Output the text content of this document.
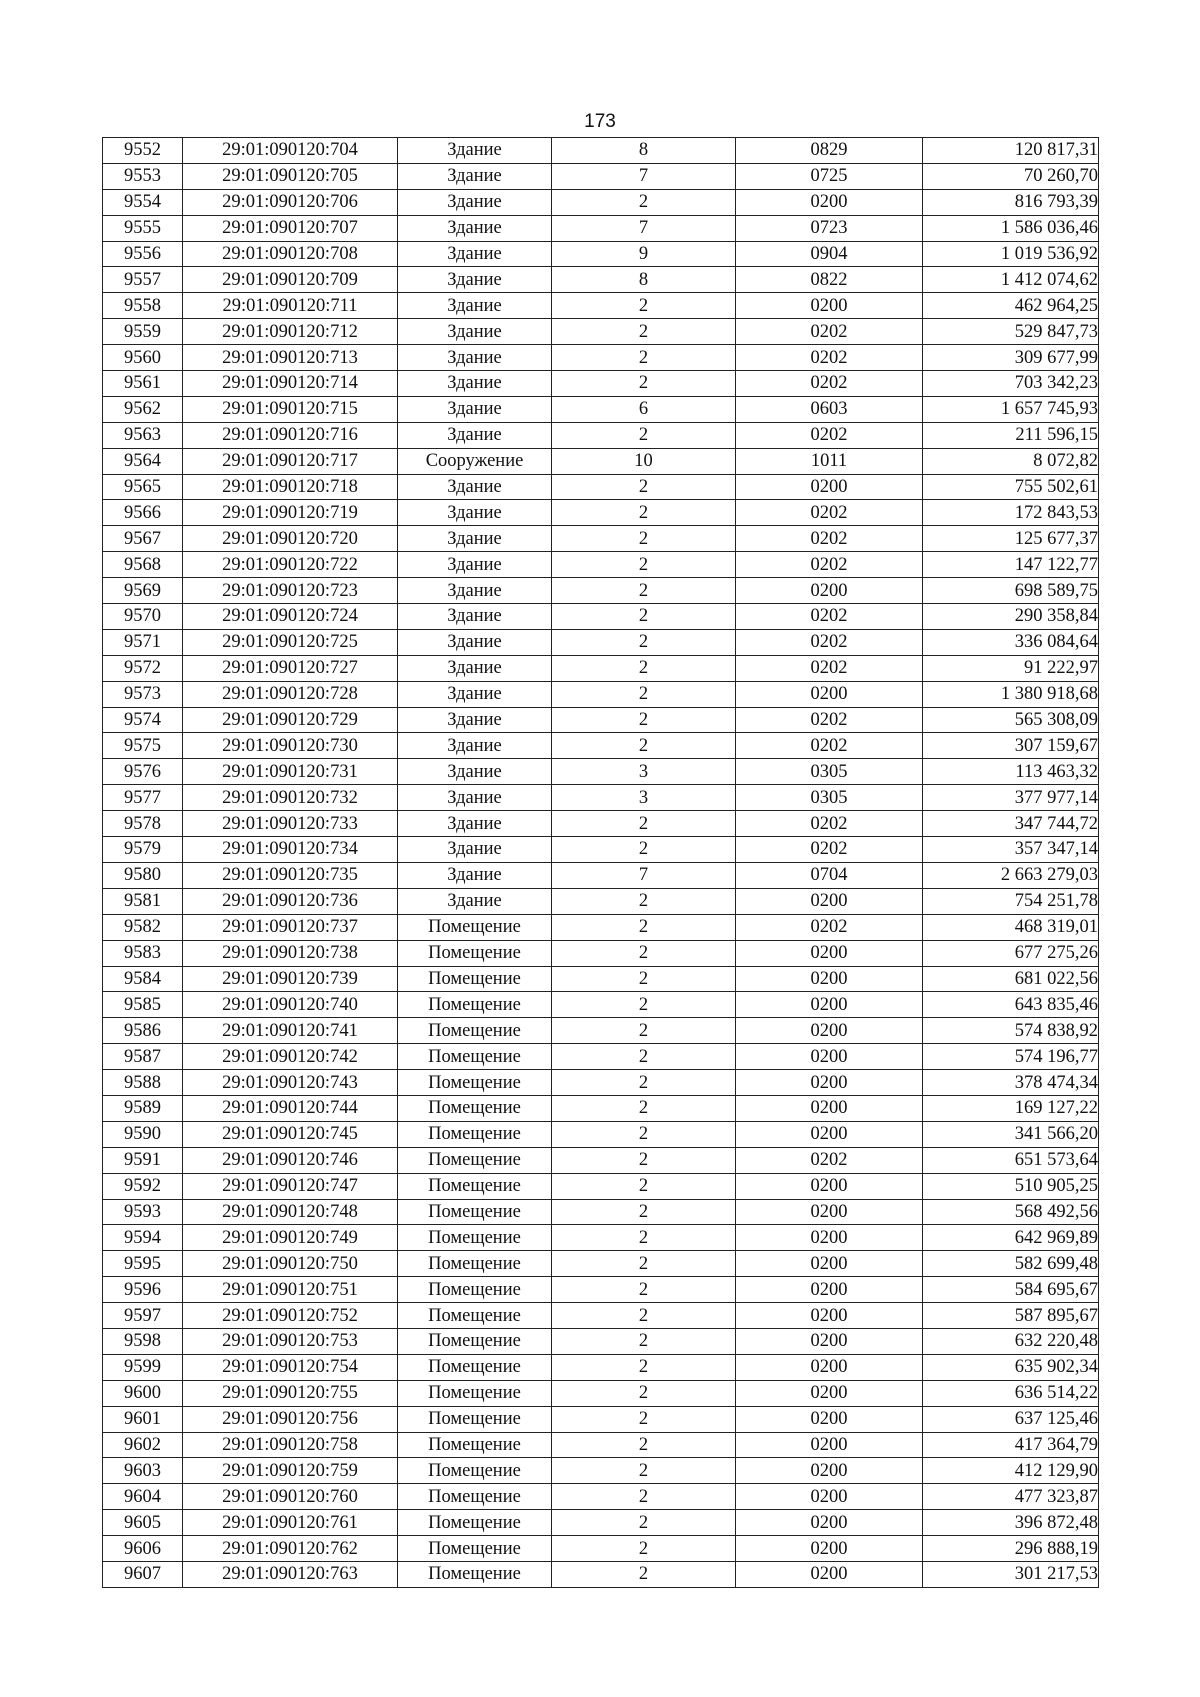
173
9552	29:01:090120:704	Здание	8	0829	120 817,31
9553	29:01:090120:705	Здание	7	0725	70 260,70
9554	29:01:090120:706	Здание	2	0200	816 793,39
9555	29:01:090120:707	Здание	7	0723	1 586 036,46
9556	29:01:090120:708	Здание	9	0904	1 019 536,92
9557	29:01:090120:709	Здание	8	0822	1 412 074,62
9558	29:01:090120:711	Здание	2	0200	462 964,25
9559	29:01:090120:712	Здание	2	0202	529 847,73
9560	29:01:090120:713	Здание	2	0202	309 677,99
9561	29:01:090120:714	Здание	2	0202	703 342,23
9562	29:01:090120:715	Здание	6	0603	1 657 745,93
9563	29:01:090120:716	Здание	2	0202	211 596,15
9564	29:01:090120:717	Сооружение	10	1011	8 072,82
9565	29:01:090120:718	Здание	2	0200	755 502,61
9566	29:01:090120:719	Здание	2	0202	172 843,53
9567	29:01:090120:720	Здание	2	0202	125 677,37
9568	29:01:090120:722	Здание	2	0202	147 122,77
9569	29:01:090120:723	Здание	2	0200	698 589,75
9570	29:01:090120:724	Здание	2	0202	290 358,84
9571	29:01:090120:725	Здание	2	0202	336 084,64
9572	29:01:090120:727	Здание	2	0202	91 222,97
9573	29:01:090120:728	Здание	2	0200	1 380 918,68
9574	29:01:090120:729	Здание	2	0202	565 308,09
9575	29:01:090120:730	Здание	2	0202	307 159,67
9576	29:01:090120:731	Здание	3	0305	113 463,32
9577	29:01:090120:732	Здание	3	0305	377 977,14
9578	29:01:090120:733	Здание	2	0202	347 744,72
9579	29:01:090120:734	Здание	2	0202	357 347,14
9580	29:01:090120:735	Здание	7	0704	2 663 279,03
9581	29:01:090120:736	Здание	2	0200	754 251,78
9582	29:01:090120:737	Помещение	2	0202	468 319,01
9583	29:01:090120:738	Помещение	2	0200	677 275,26
9584	29:01:090120:739	Помещение	2	0200	681 022,56
9585	29:01:090120:740	Помещение	2	0200	643 835,46
9586	29:01:090120:741	Помещение	2	0200	574 838,92
9587	29:01:090120:742	Помещение	2	0200	574 196,77
9588	29:01:090120:743	Помещение	2	0200	378 474,34
9589	29:01:090120:744	Помещение	2	0200	169 127,22
9590	29:01:090120:745	Помещение	2	0200	341 566,20
9591	29:01:090120:746	Помещение	2	0202	651 573,64
9592	29:01:090120:747	Помещение	2	0200	510 905,25
9593	29:01:090120:748	Помещение	2	0200	568 492,56
9594	29:01:090120:749	Помещение	2	0200	642 969,89
9595	29:01:090120:750	Помещение	2	0200	582 699,48
9596	29:01:090120:751	Помещение	2	0200	584 695,67
9597	29:01:090120:752	Помещение	2	0200	587 895,67
9598	29:01:090120:753	Помещение	2	0200	632 220,48
9599	29:01:090120:754	Помещение	2	0200	635 902,34
9600	29:01:090120:755	Помещение	2	0200	636 514,22
9601	29:01:090120:756	Помещение	2	0200	637 125,46
9602	29:01:090120:758	Помещение	2	0200	417 364,79
9603	29:01:090120:759	Помещение	2	0200	412 129,90
9604	29:01:090120:760	Помещение	2	0200	477 323,87
9605	29:01:090120:761	Помещение	2	0200	396 872,48
9606	29:01:090120:762	Помещение	2	0200	296 888,19
9607	29:01:090120:763	Помещение	2	0200	301 217,53
